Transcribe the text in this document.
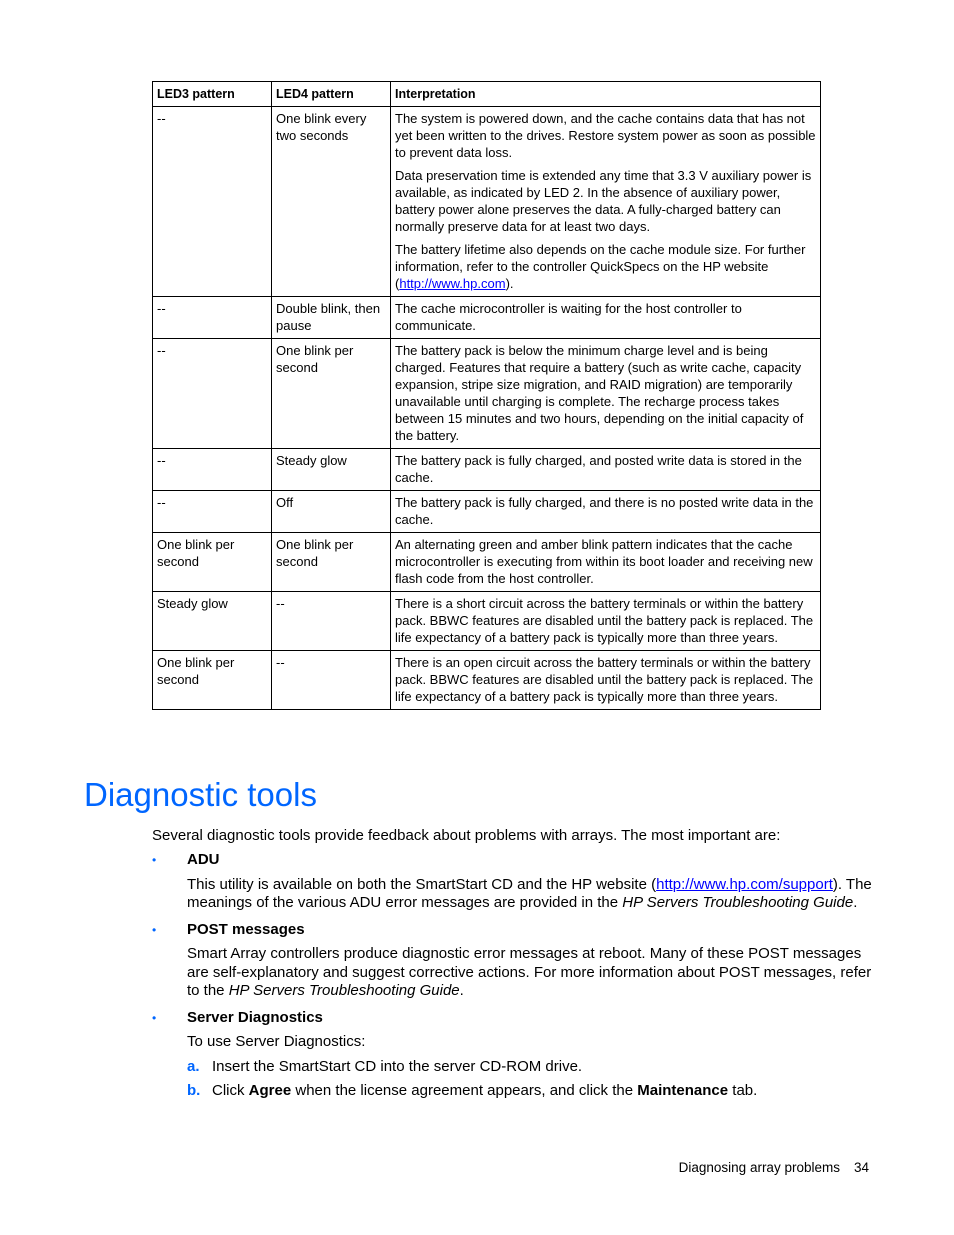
LED3 pattern	LED4 pattern	Interpretation
--	One blink every two seconds	The system is powered down, and the cache contains data that has not yet been written to the drives. Restore system power as soon as possible to prevent data loss.

Data preservation time is extended any time that 3.3 V auxiliary power is available, as indicated by LED 2. In the absence of auxiliary power, battery power alone preserves the data. A fully-charged battery can normally preserve data for at least two days.

The battery lifetime also depends on the cache module size. For further information, refer to the controller QuickSpecs on the HP website (http://www.hp.com).

--	Double blink, then pause	The cache microcontroller is waiting for the host controller to communicate.
--	One blink per second	The battery pack is below the minimum charge level and is being charged. Features that require a battery (such as write cache, capacity expansion, stripe size migration, and RAID migration) are temporarily unavailable until charging is complete. The recharge process takes between 15 minutes and two hours, depending on the initial capacity of the battery.
--	Steady glow	The battery pack is fully charged, and posted write data is stored in the cache.
--	Off	The battery pack is fully charged, and there is no posted write data in the cache.
One blink per second	One blink per second	An alternating green and amber blink pattern indicates that the cache microcontroller is executing from within its boot loader and receiving new flash code from the host controller.
Steady glow	--	There is a short circuit across the battery terminals or within the battery pack. BBWC features are disabled until the battery pack is replaced. The life expectancy of a battery pack is typically more than three years.
One blink per second	--	There is an open circuit across the battery terminals or within the battery pack. BBWC features are disabled until the battery pack is replaced. The life expectancy of a battery pack is typically more than three years.
Diagnostic tools

Several diagnostic tools provide feedback about problems with arrays. The most important are:

•	ADU

This utility is available on both the SmartStart CD and the HP website (http://www.hp.com/support). The meanings of the various ADU error messages are provided in the HP Servers Troubleshooting Guide.

•	POST messages

Smart Array controllers produce diagnostic error messages at reboot. Many of these POST messages are self-explanatory and suggest corrective actions. For more information about POST messages, refer to the HP Servers Troubleshooting Guide.

•	Server Diagnostics

To use Server Diagnostics:

a. Insert the SmartStart CD into the server CD-ROM drive.
b. Click Agree when the license agreement appears, and click the Maintenance tab.
Diagnosing array problems 34
